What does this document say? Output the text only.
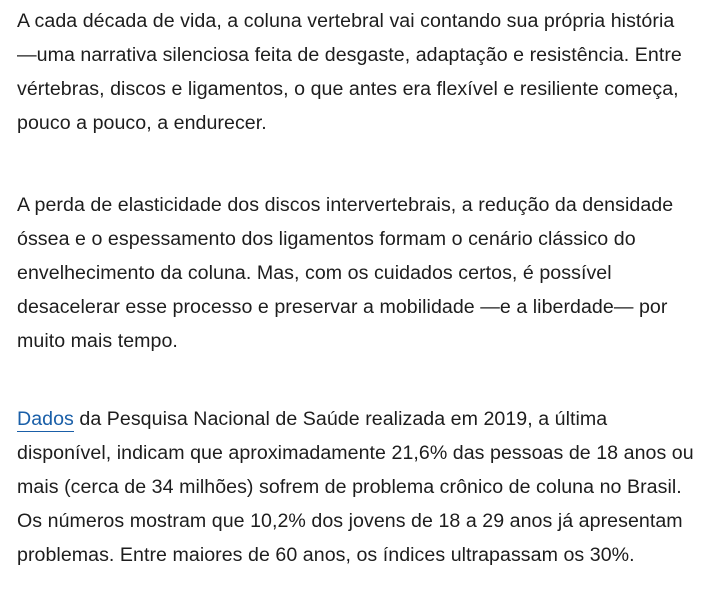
A cada década de vida, a coluna vertebral vai contando sua própria história —uma narrativa silenciosa feita de desgaste, adaptação e resistência. Entre vértebras, discos e ligamentos, o que antes era flexível e resiliente começa, pouco a pouco, a endurecer.

A perda de elasticidade dos discos intervertebrais, a redução da densidade óssea e o espessamento dos ligamentos formam o cenário clássico do envelhecimento da coluna. Mas, com os cuidados certos, é possível desacelerar esse processo e preservar a mobilidade —e a liberdade— por muito mais tempo.

Dados da Pesquisa Nacional de Saúde realizada em 2019, a última disponível, indicam que aproximadamente 21,6% das pessoas de 18 anos ou mais (cerca de 34 milhões) sofrem de problema crônico de coluna no Brasil. Os números mostram que 10,2% dos jovens de 18 a 29 anos já apresentam problemas. Entre maiores de 60 anos, os índices ultrapassam os 30%.
